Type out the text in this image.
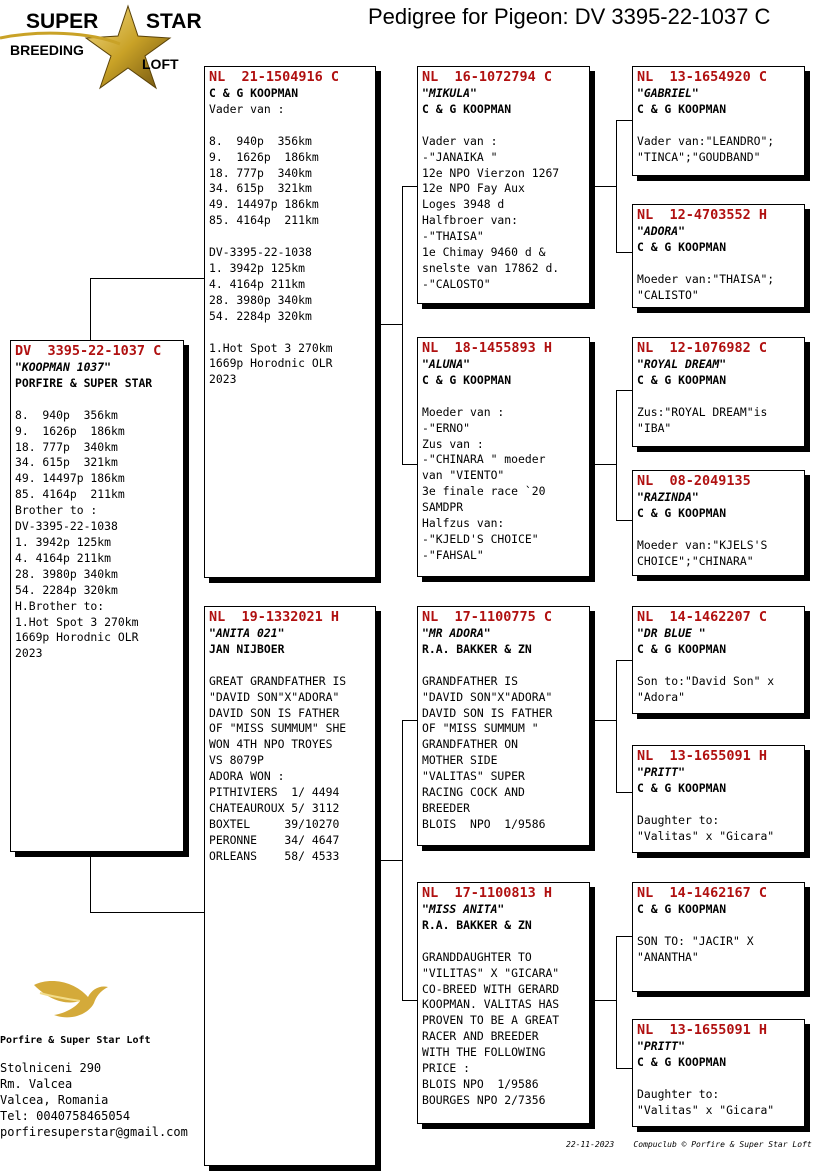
SUPER STAR
BREEDING
LOFT
Pedigree for Pigeon: DV 3395-22-1037 C
DV  3395-22-1037 C
"KOOPMAN 1037"
PORFIRE & SUPER STAR

8.  940p  356km
9.  1626p  186km
18. 777p  340km
34. 615p  321km
49. 14497p 186km
85. 4164p  211km
Brother to :
DV-3395-22-1038
1. 3942p 125km
4. 4164p 211km
28. 3980p 340km
54. 2284p 320km
H.Brother to:
1.Hot Spot 3 270km
1669p Horodnic OLR
2023
NL  21-1504916 C
C & G KOOPMAN
Vader van :

8.  940p  356km
9.  1626p  186km
18. 777p  340km
34. 615p  321km
49. 14497p 186km
85. 4164p  211km

DV-3395-22-1038
1. 3942p 125km
4. 4164p 211km
28. 3980p 340km
54. 2284p 320km

1.Hot Spot 3 270km
1669p Horodnic OLR
2023
NL  19-1332021 H
"ANITA 021"
JAN NIJBOER

GREAT GRANDFATHER IS
"DAVID SON"X"ADORA"
DAVID SON IS FATHER
OF "MISS SUMMUM" SHE
WON 4TH NPO TROYES
VS 8079P
ADORA WON :
PITHIVIERS  1/ 4494
CHATEAUROUX 5/ 3112
BOXTEL     39/10270
PERONNE    34/ 4647
ORLEANS    58/ 4533
NL  16-1072794 C
"MIKULA"
C & G KOOPMAN

Vader van :
-"JANAIKA "
12e NPO Vierzon 1267
12e NPO Fay Aux
Loges 3948 d
Halfbroer van:
-"THAISA"
1e Chimay 9460 d &
snelste van 17862 d.
-"CALOSTO"
NL  18-1455893 H
"ALUNA"
C & G KOOPMAN

Moeder van :
-"ERNO"
Zus van :
-"CHINARA " moeder
van "VIENTO"
3e finale race `20
SAMDPR
Halfzus van:
-"KJELD'S CHOICE"
-"FAHSAL"
NL  17-1100775 C
"MR ADORA"
R.A. BAKKER & ZN

GRANDFATHER IS
"DAVID SON"X"ADORA"
DAVID SON IS FATHER
OF "MISS SUMMUM "
GRANDFATHER ON
MOTHER SIDE
"VALITAS" SUPER
RACING COCK AND
BREEDER
BLOIS  NPO  1/9586
NL  17-1100813 H
"MISS ANITA"
R.A. BAKKER & ZN

GRANDDAUGHTER TO
"VILITAS" X "GICARA"
CO-BREED WITH GERARD
KOOPMAN. VALITAS HAS
PROVEN TO BE A GREAT
RACER AND BREEDER
WITH THE FOLLOWING
PRICE :
BLOIS NPO  1/9586
BOURGES NPO 2/7356
NL  13-1654920 C
"GABRIEL"
C & G KOOPMAN

Vader van:"LEANDRO";
"TINCA";"GOUDBAND"
NL  12-4703552 H
"ADORA"
C & G KOOPMAN

Moeder van:"THAISA";
"CALISTO"
NL  12-1076982 C
"ROYAL DREAM"
C & G KOOPMAN

Zus:"ROYAL DREAM"is
"IBA"
NL  08-2049135
"RAZINDA"
C & G KOOPMAN

Moeder van:"KJELS'S
CHOICE";"CHINARA"
NL  14-1462207 C
"DR BLUE "
C & G KOOPMAN

Son to:"David Son" x
"Adora"
NL  13-1655091 H
"PRITT"
C & G KOOPMAN

Daughter to:
"Valitas" x "Gicara"
NL  14-1462167 C
C & G KOOPMAN

SON TO: "JACIR" X
"ANANTHA"
NL  13-1655091 H
"PRITT"
C & G KOOPMAN

Daughter to:
"Valitas" x "Gicara"
Porfire & Super Star Loft
Stolniceni 290
Rm. Valcea
Valcea, Romania
Tel: 0040758465054
porfiresuperstar@gmail.com
22-11-2023    Compuclub © Porfire & Super Star Loft
